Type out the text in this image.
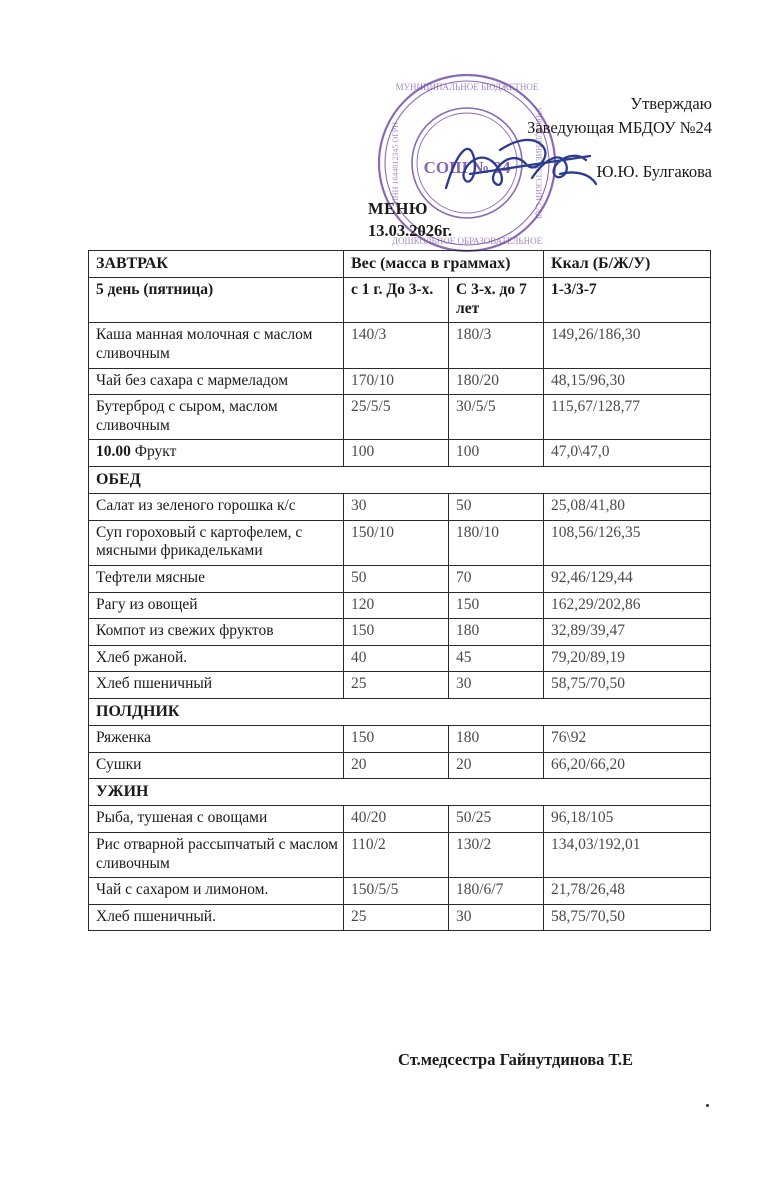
МУНИЦИПАЛЬНОЕ БЮДЖЕТНОЕ
ДОШКОЛЬНОЕ ОБРАЗОВАТЕЛЬНОЕ
ИНН 1644012345 ОГРН	УЧРЕЖДЕНИЕ ДЕТСКИЙ САД
СОШ № 24
Утверждаю
Заведующая МБДОУ №24
Ю.Ю. Булгакова
МЕНЮ
13.03.2026г.
ЗАВТРАК	Вес (масса в граммах)		Ккал (Б/Ж/У)
5 день (пятница)	с 1 г. До 3-х.	С 3-х. до 7 лет	1-3/3-7
Каша манная молочная с маслом сливочным	140/3	180/3	149,26/186,30
Чай без сахара с мармеладом	170/10	180/20	48,15/96,30
Бутерброд с сыром, маслом сливочным	25/5/5	30/5/5	115,67/128,77
10.00 Фрукт	100	100	47,0\47,0
ОБЕД			
Салат из зеленого горошка к/с	30	50	25,08/41,80
Суп гороховый с картофелем, с мясными фрикадельками	150/10	180/10	108,56/126,35
Тефтели мясные	50	70	92,46/129,44
Рагу из овощей	120	150	162,29/202,86
Компот из свежих фруктов	150	180	32,89/39,47
Хлеб ржаной.	40	45	79,20/89,19
Хлеб пшеничный	25	30	58,75/70,50
ПОЛДНИК			
Ряженка	150	180	76\92
Сушки	20	20	66,20/66,20
УЖИН			
Рыба, тушеная с овощами	40/20	50/25	96,18/105
Рис отварной рассыпчатый с маслом сливочным	110/2	130/2	134,03/192,01
Чай с сахаром и лимоном.	150/5/5	180/6/7	21,78/26,48
Хлеб пшеничный.	25	30	58,75/70,50
Ст.медсестра Гайнутдинова Т.Е
